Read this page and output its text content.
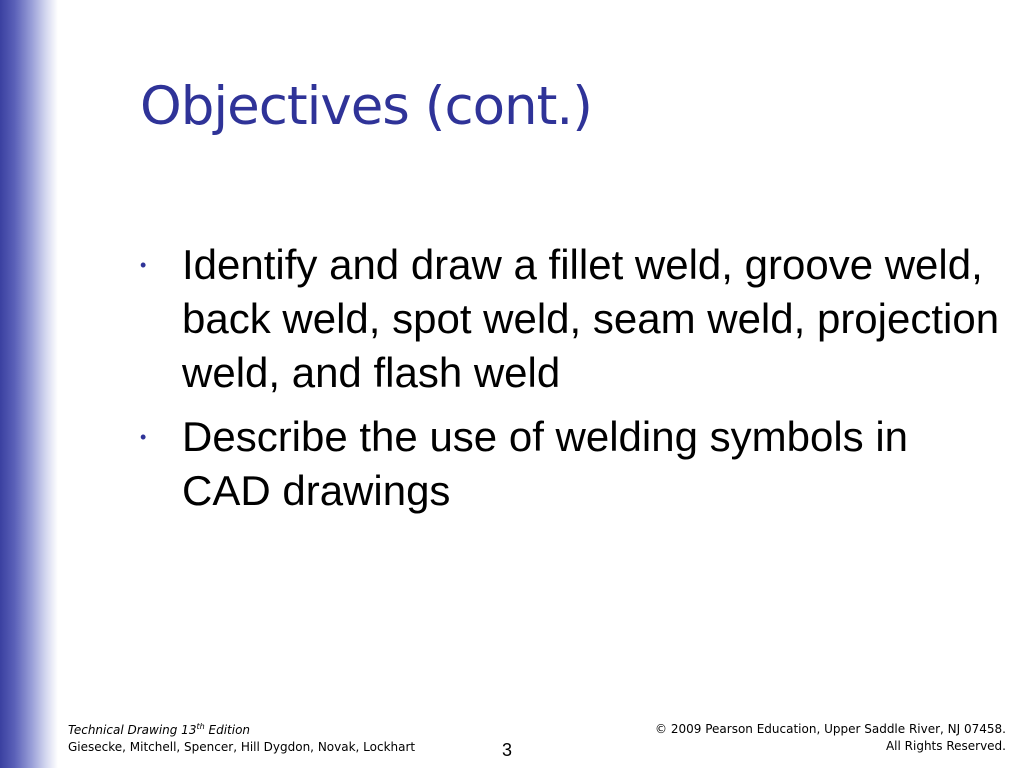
Objectives (cont.)
• Identify and draw a fillet weld, groove weld, back weld, spot weld, seam weld, projection weld, and flash weld
• Describe the use of welding symbols in CAD drawings
Technical Drawing 13th Edition
Giesecke, Mitchell, Spencer, Hill Dygdon, Novak, Lockhart	3
© 2009 Pearson Education, Upper Saddle River, NJ 07458.
All Rights Reserved.
